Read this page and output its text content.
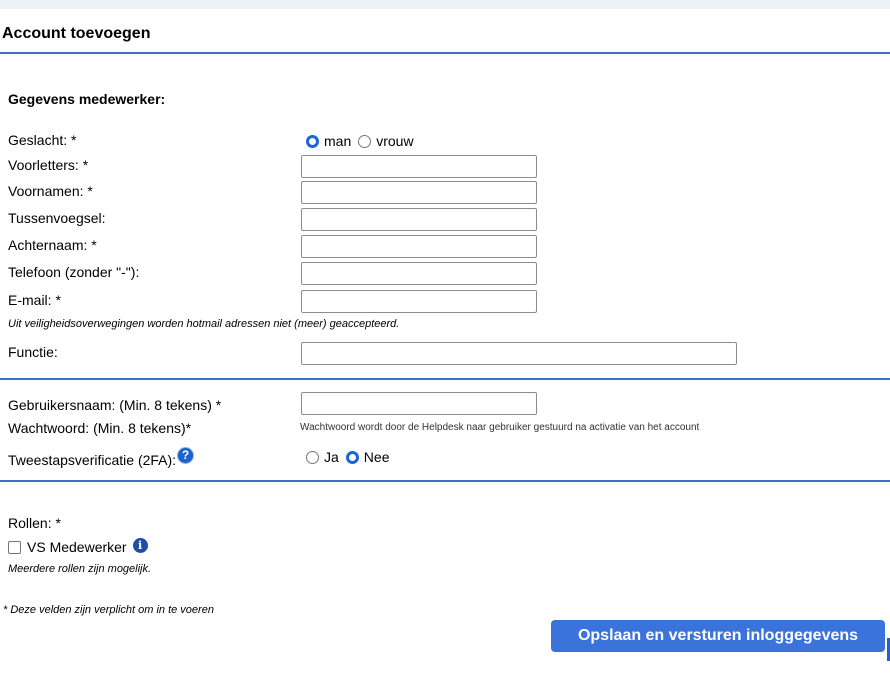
Account toevoegen
Gegevens medewerker:
Geslacht: *	man vrouw
Voorletters: *
Voornamen: *
Tussenvoegsel:
Achternaam: *
Telefoon (zonder "-"):
E-mail: *
Uit veiligheidsoverwegingen worden hotmail adressen niet (meer) geaccepteerd.
Functie:
Gebruikersnaam: (Min. 8 tekens) *
Wachtwoord: (Min. 8 tekens)*	Wachtwoord wordt door de Helpdesk naar gebruiker gestuurd na activatie van het account
Tweestapsverificatie (2FA): ?	Ja Nee
Rollen: *
VS Medewerker	i
Meerdere rollen zijn mogelijk.
* Deze velden zijn verplicht om in te voeren
Opslaan en versturen inloggegevens
